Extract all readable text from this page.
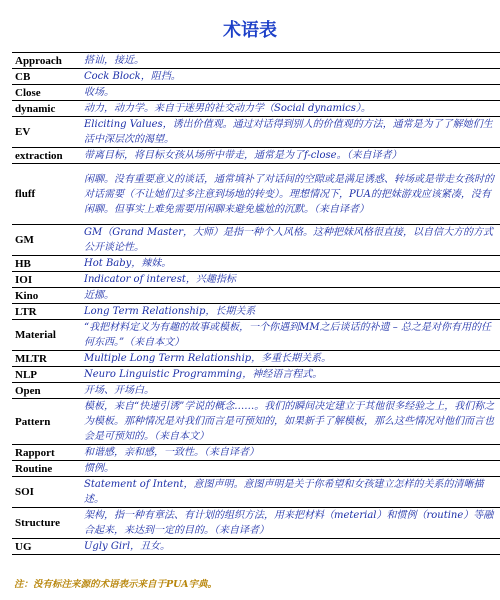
术语表
Approach	搭讪，接近。
CB	Cock Block，阻挡。
Close	收场。
dynamic	动力，动力学。来自于迷男的社交动力学（Social dynamics）。
EV	Eliciting Values，诱出价值观。通过对话得到别人的价值观的方法，通常是为了了解她们生活中深层次的渴望。
extraction	带离目标，将目标女孩从场所中带走，通常是为了f-close。（来自译者）
fluff	闲聊。没有重要意义的谈话，通常填补了对话间的空隙或是满足诱惑、转场或是带走女孩时的对话需要（不让她们过多注意到场地的转变）。理想情况下，PUA的把妹游戏应该紧凑，没有闲聊。但事实上难免需要用闲聊来避免尴尬的沉默。（来自译者）
GM	GM（Grand Master，大师）是指一种个人风格。这种把妹风格很直接，以自信大方的方式公开谈论性。
HB	Hot Baby，辣妹。
IOI	Indicator of interest，兴趣指标
Kino	近挪。
LTR	Long Term Relationship，长期关系
Material	“我把材料定义为有趣的故事或模板，一个你遇到MM之后谈话的补遗 – 总之是对你有用的任何东西。”（来自本文）
MLTR	Multiple Long Term Relationship，多重长期关系。
NLP	Neuro Linguistic Programming，神经语言程式。
Open	开场、开场白。
Pattern	模板，来自“快速引诱”学说的概念……。我们的瞬间决定建立于其他很多经验之上，我们称之为模板。那种情况是对我们而言是可预知的，如果新手了解模板，那么这些情况对他们而言也会是可预知的。（来自本文）
Rapport	和谐感，亲和感，一致性。（来自译者）
Routine	惯例。
SOI	Statement of Intent，意图声明。意图声明是关于你希望和女孩建立怎样的关系的清晰描述。
Structure	架构，指一种有章法、有计划的组织方法，用来把材料（meterial）和惯例（routine）等融合起来，来达到一定的目的。（来自译者）
UG	Ugly Girl，丑女。

注：没有标注来源的术语表示来自于PUA宇典。
